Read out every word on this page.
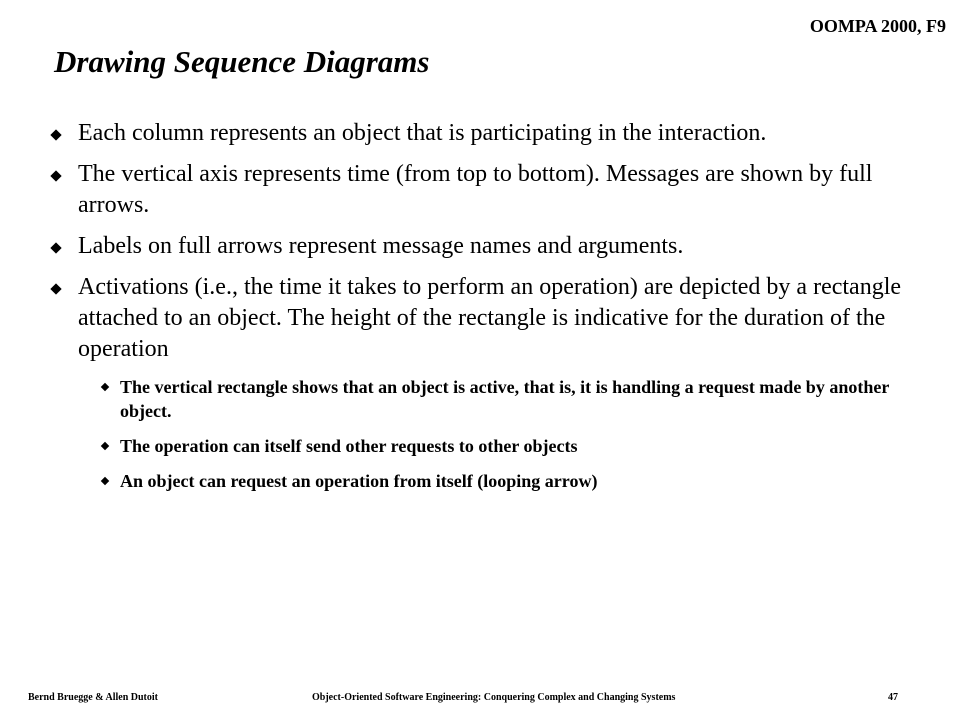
OOMPA 2000, F9
Drawing Sequence Diagrams
Each column represents an object that is participating in the interaction.
The vertical axis represents time (from top to bottom). Messages are shown by full arrows.
Labels on full arrows represent message names and arguments.
Activations (i.e., the time it takes to perform an operation) are depicted by a rectangle attached to an object. The height of the rectangle is indicative for the duration of the operation
The vertical rectangle shows that an object is active, that is, it is handling a request made by another object.
The operation can itself send other requests to other objects
An object can request an operation from itself (looping arrow)
Bernd Bruegge & Allen Dutoit	Object-Oriented Software Engineering: Conquering Complex and Changing Systems	47
